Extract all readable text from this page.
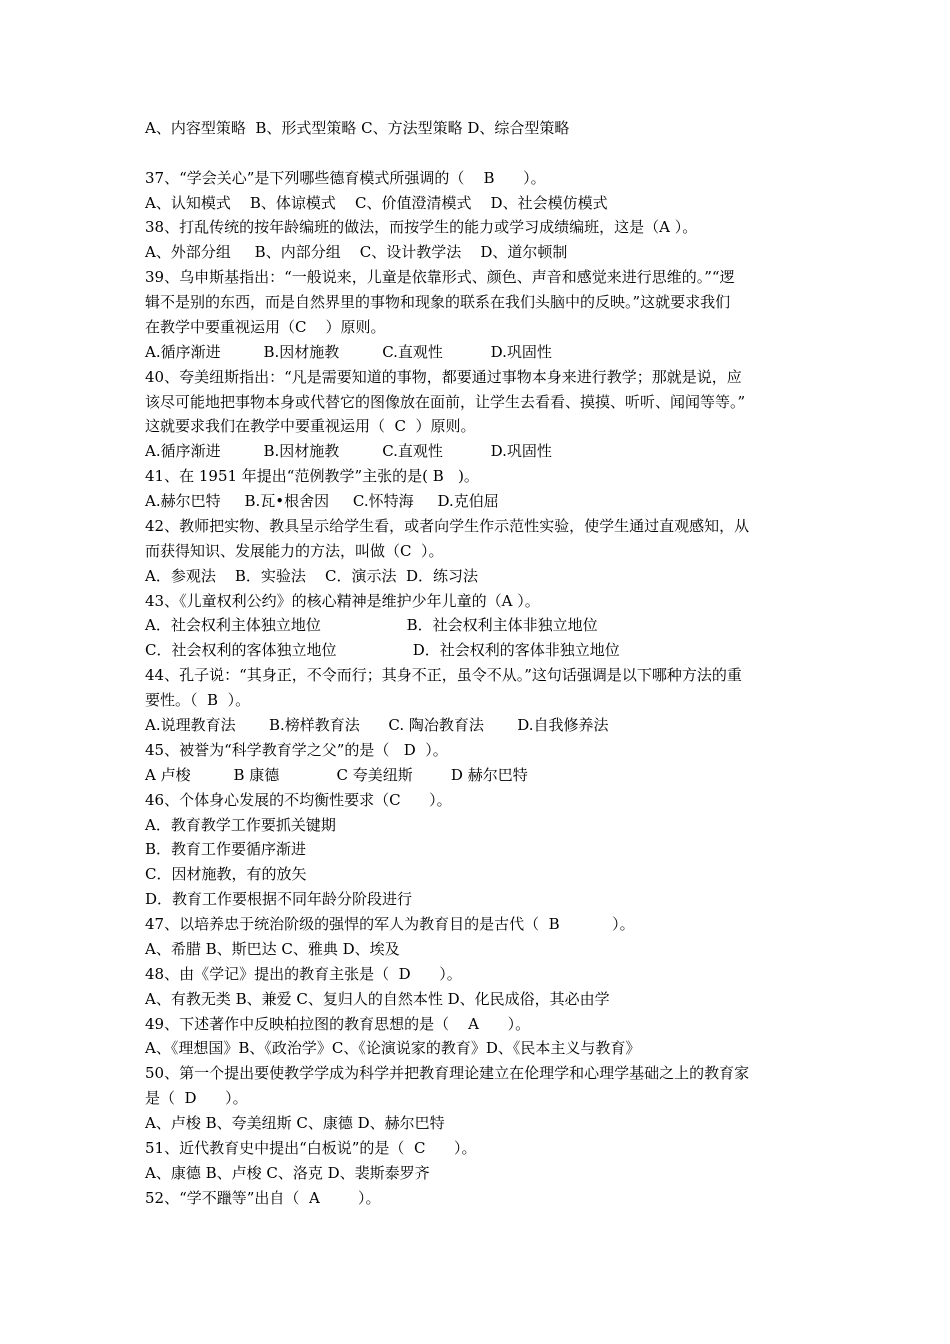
A、内容型策略  B、形式型策略 C、方法型策略 D、综合型策略
37、“学会关心”是下列哪些德育模式所强调的（    B      ）。
A、认知模式    B、体谅模式    C、价值澄清模式    D、社会模仿模式
38、打乱传统的按年龄编班的做法，而按学生的能力或学习成绩编班，这是（A ）。
A、外部分组     B、内部分组    C、设计教学法    D、道尔顿制
39、乌申斯基指出：“一般说来，儿童是依靠形式、颜色、声音和感觉来进行思维的。”“逻
辑不是别的东西，而是自然界里的事物和现象的联系在我们头脑中的反映。”这就要求我们
在教学中要重视运用（C    ）原则。
A.循序渐进         B.因材施教         C.直观性          D.巩固性
40、夸美纽斯指出：“凡是需要知道的事物，都要通过事物本身来进行教学；那就是说，应
该尽可能地把事物本身或代替它的图像放在面前，让学生去看看、摸摸、听听、闻闻等等。”
这就要求我们在教学中要重视运用（  C  ）原则。
A.循序渐进         B.因材施教         C.直观性          D.巩固性
41、在 1951 年提出“范例教学”主张的是( B   )。
A.赫尔巴特     B.瓦•根舍因     C.怀特海     D.克伯屈
42、教师把实物、教具呈示给学生看，或者向学生作示范性实验，使学生通过直观感知，从
而获得知识、发展能力的方法，叫做（C  ）。
A．参观法    B．实验法    C．演示法  D．练习法
43、《儿童权利公约》的核心精神是维护少年儿童的（A ）。
A．社会权利主体独立地位                  B．社会权利主体非独立地位
C．社会权利的客体独立地位                D．社会权利的客体非独立地位
44、孔子说：“其身正，不令而行；其身不正，虽令不从。”这句话强调是以下哪种方法的重
要性。（  B  ）。
A.说理教育法       B.榜样教育法      C. 陶冶教育法       D.自我修养法
45、被誉为“科学教育学之父”的是（   D  ）。
A 卢梭         B 康德            C 夸美纽斯        D 赫尔巴特
46、个体身心发展的不均衡性要求（C      ）。
A．教育教学工作要抓关键期
B．教育工作要循序渐进
C．因材施教，有的放矢
D．教育工作要根据不同年龄分阶段进行
47、以培养忠于统治阶级的强悍的军人为教育目的是古代（  B           ）。
A、希腊 B、斯巴达 C、雅典 D、埃及
48、由《学记》提出的教育主张是（  D      ）。
A、有教无类 B、兼爱 C、复归人的自然本性 D、化民成俗，其必由学
49、下述著作中反映柏拉图的教育思想的是（    A      ）。
A、《理想国》B、《政治学》C、《论演说家的教育》D、《民本主义与教育》
50、第一个提出要使教学学成为科学并把教育理论建立在伦理学和心理学基础之上的教育家
是（  D      ）。
A、卢梭 B、夸美纽斯 C、康德 D、赫尔巴特
51、近代教育史中提出“白板说”的是（  C      ）。
A、康德 B、卢梭 C、洛克 D、裴斯泰罗齐
52、“学不躐等”出自（  A        ）。
